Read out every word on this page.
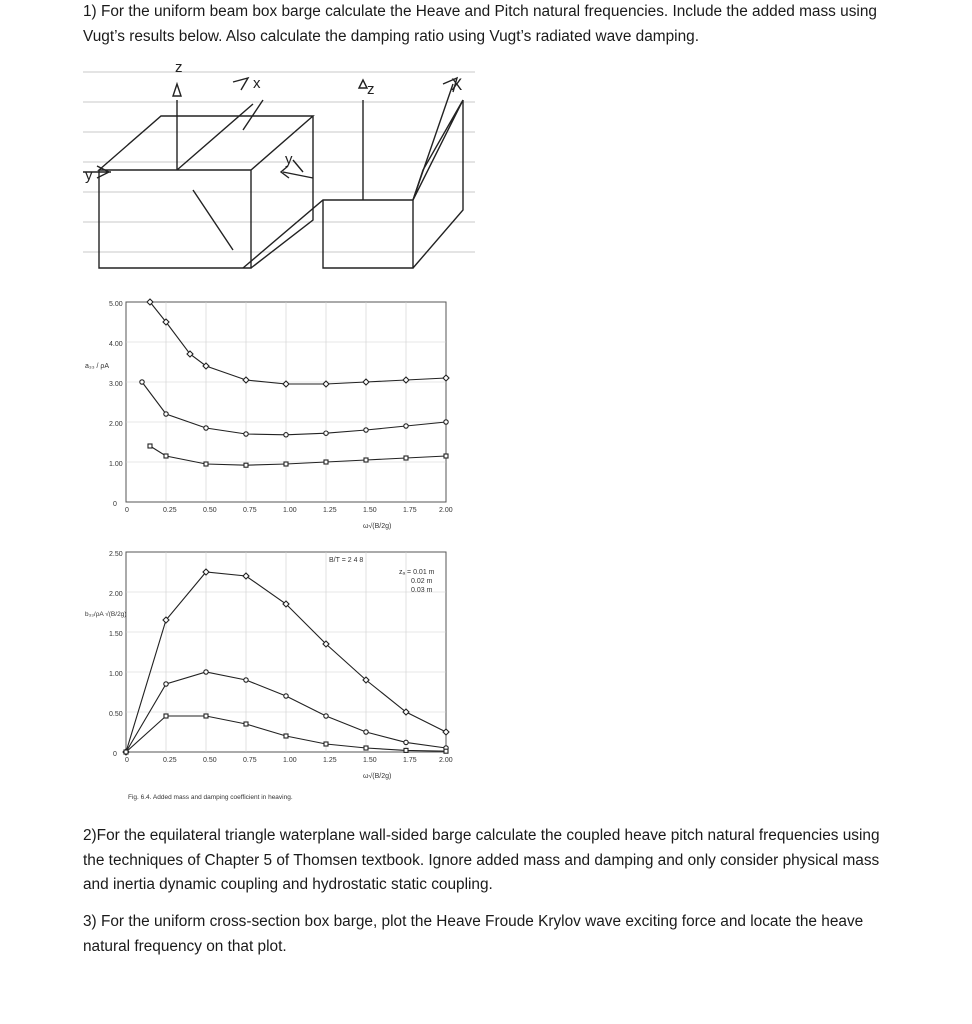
1) For the uniform beam box barge calculate the Heave and Pitch natural frequencies. Include the added mass using Vugt’s results below. Also calculate the damping ratio using Vugt’s radiated wave damping.

z
x
y
y
z	X
0
1.00
2.00
3.00
4.00
5.00
a₃₃ / ρA
0	0.25	0.50	0.75	1.00	1.25	1.50	1.75	2.00
ω√(B/2g)
0
0.50
1.00
1.50
2.00
2.50
b₃₃/ρA √(B/2g)
0	0.25	0.50	0.75	1.00	1.25	1.50	1.75	2.00
ω√(B/2g)
B/T = 2 4 8
zₐ = 0.01 m
0.02 m
0.03 m
Fig. 6.4. Added mass and damping coefficient in heaving.

2)For the equilateral triangle waterplane wall-sided barge calculate the coupled heave pitch natural frequencies using the techniques of Chapter 5 of Thomsen textbook. Ignore added mass and damping and only consider physical mass and inertia dynamic coupling and hydrostatic static coupling.

3) For the uniform cross-section box barge, plot the Heave Froude Krylov wave exciting force and locate the heave natural frequency on that plot.
